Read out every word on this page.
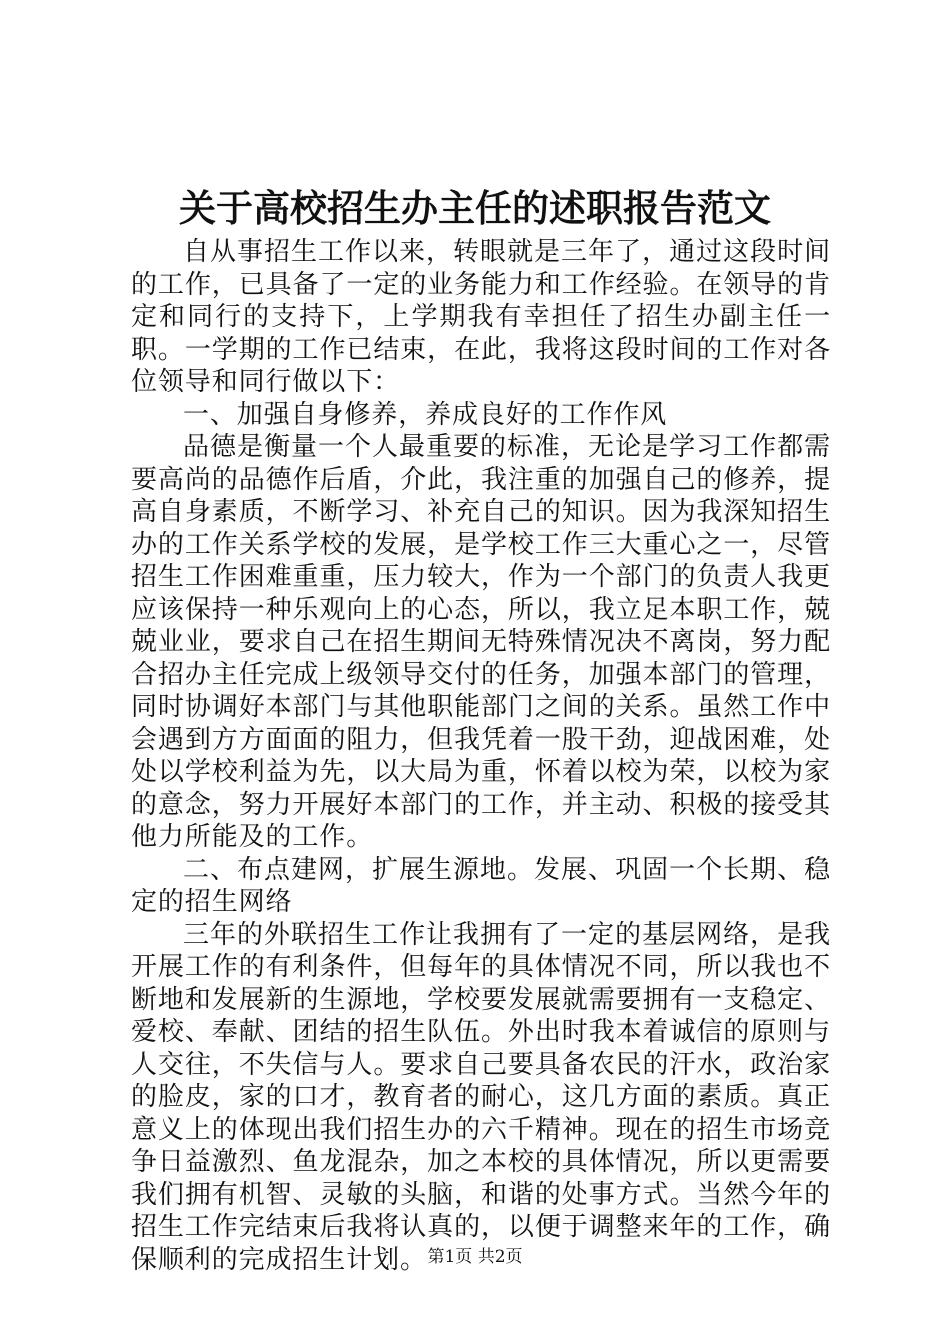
关于高校招生办主任的述职报告范文

自从事招生工作以来，转眼就是三年了，通过这段时间的工作，已具备了一定的业务能力和工作经验。在领导的肯定和同行的支持下，上学期我有幸担任了招生办副主任一职。一学期的工作已结束，在此，我将这段时间的工作对各位领导和同行做以下：

一、加强自身修养，养成良好的工作作风

品德是衡量一个人最重要的标准，无论是学习工作都需要高尚的品德作后盾，介此，我注重的加强自己的修养，提高自身素质，不断学习、补充自己的知识。因为我深知招生办的工作关系学校的发展，是学校工作三大重心之一，尽管招生工作困难重重，压力较大，作为一个部门的负责人我更应该保持一种乐观向上的心态，所以，我立足本职工作，兢兢业业，要求自己在招生期间无特殊情况决不离岗，努力配合招办主任完成上级领导交付的任务，加强本部门的管理，同时协调好本部门与其他职能部门之间的关系。虽然工作中会遇到方方面面的阻力，但我凭着一股干劲，迎战困难，处处以学校利益为先，以大局为重，怀着以校为荣，以校为家的意念，努力开展好本部门的工作，并主动、积极的接受其他力所能及的工作。

二、布点建网，扩展生源地。发展、巩固一个长期、稳定的招生网络

三年的外联招生工作让我拥有了一定的基层网络，是我开展工作的有利条件，但每年的具体情况不同，所以我也不断地和发展新的生源地，学校要发展就需要拥有一支稳定、爱校、奉献、团结的招生队伍。外出时我本着诚信的原则与人交往，不失信与人。要求自己要具备农民的汗水，政治家的脸皮，家的口才，教育者的耐心，这几方面的素质。真正意义上的体现出我们招生办的六千精神。现在的招生市场竞争日益激烈、鱼龙混杂，加之本校的具体情况，所以更需要我们拥有机智、灵敏的头脑，和谐的处事方式。当然今年的招生工作完结束后我将认真的，以便于调整来年的工作，确保顺利的完成招生计划。 第1页 共2页
